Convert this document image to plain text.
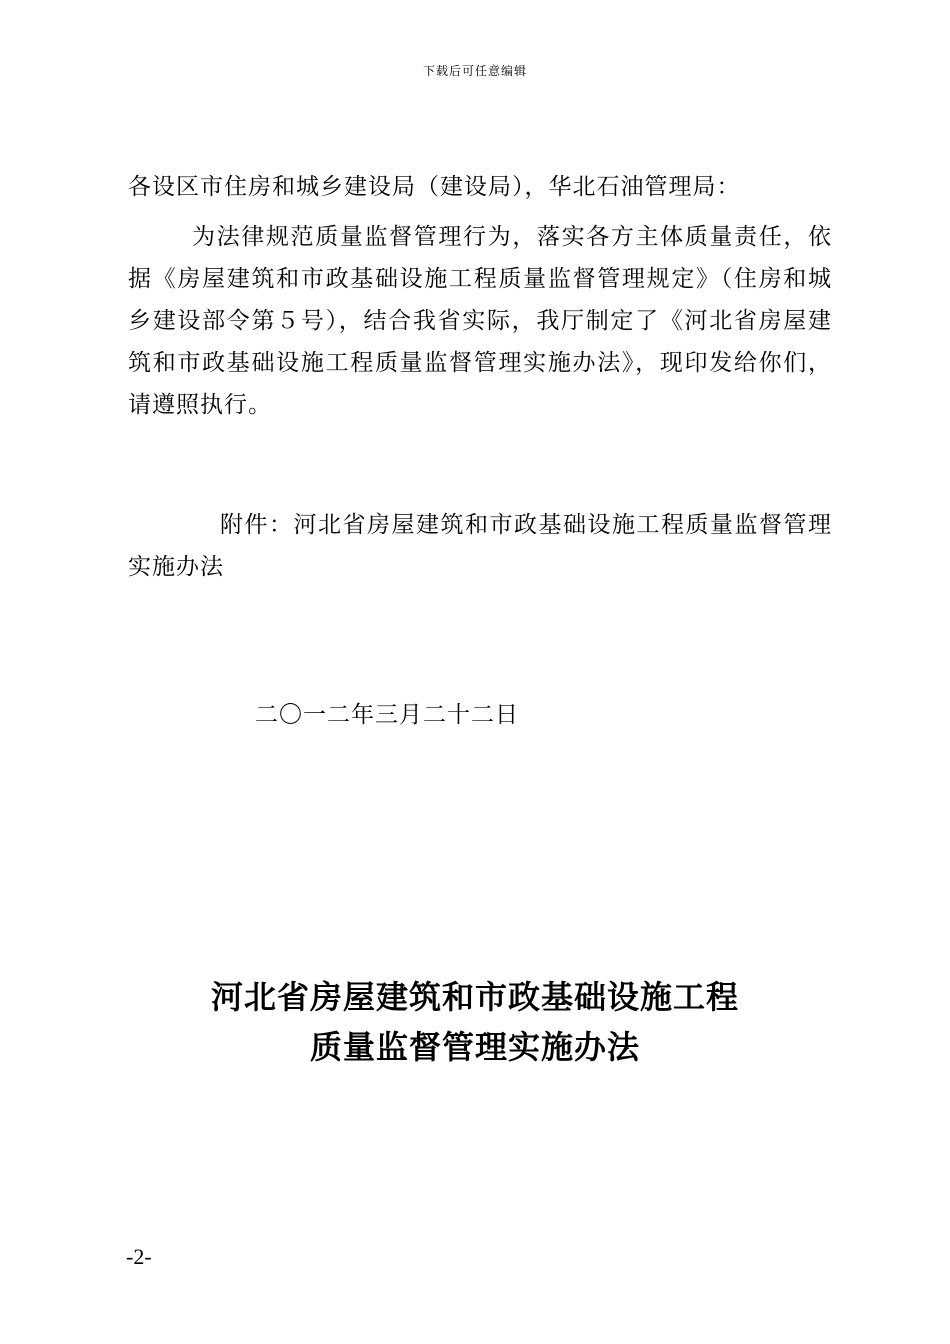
下载后可任意编辑

各设区市住房和城乡建设局（建设局），华北石油管理局：

为法律规范质量监督管理行为，落实各方主体质量责任，依据《房屋建筑和市政基础设施工程质量监督管理规定》（住房和城乡建设部令第５号），结合我省实际，我厅制定了《河北省房屋建筑和市政基础设施工程质量监督管理实施办法》，现印发给你们，请遵照执行。

附件：河北省房屋建筑和市政基础设施工程质量监督管理实施办法

二〇一二年三月二十二日
河北省房屋建筑和市政基础设施工程
质量监督管理实施办法
-2-
